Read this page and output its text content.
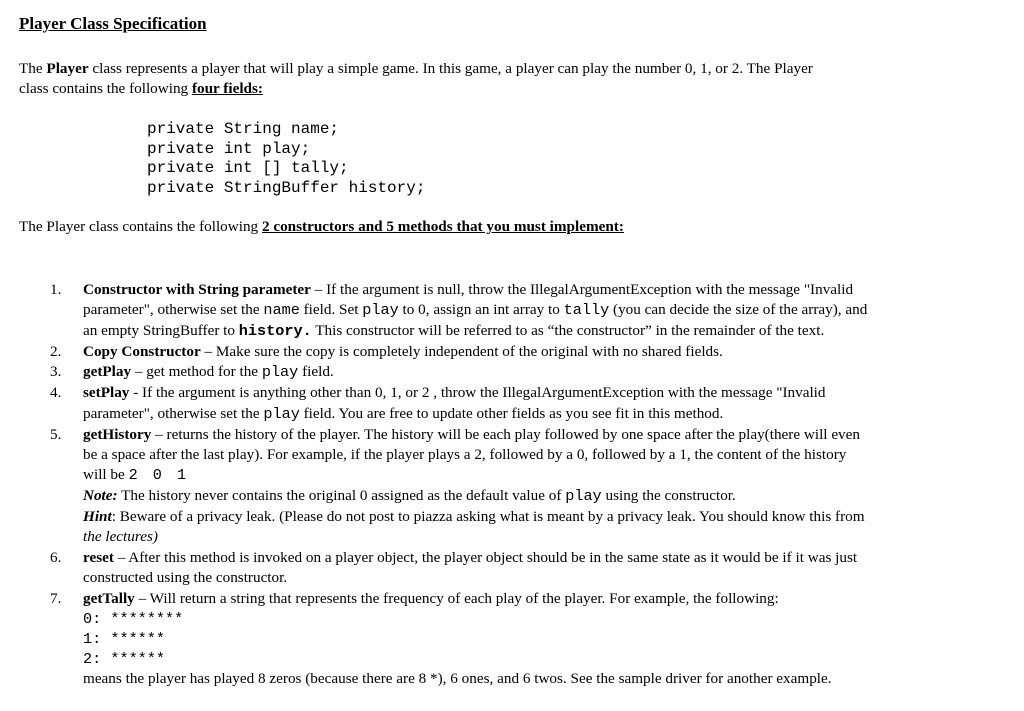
Player Class Specification
The Player class represents a player that will play a simple game. In this game, a player can play the number 0, 1, or 2. The Player
class contains the following four fields:
private String name;
private int play;
private int [] tally;
private StringBuffer history;
The Player class contains the following 2 constructors and 5 methods that you must implement:
1. Constructor with String parameter – If the argument is null, throw the IllegalArgumentException with the message "Invalid
parameter", otherwise set the name field. Set play to 0, assign an int array to tally (you can decide the size of the array), and
an empty StringBuffer to history. This constructor will be referred to as “the constructor” in the remainder of the text.
2. Copy Constructor – Make sure the copy is completely independent of the original with no shared fields.
3. getPlay – get method for the play field.
4. setPlay - If the argument is anything other than 0, 1, or 2 , throw the IllegalArgumentException with the message "Invalid
parameter", otherwise set the play field. You are free to update other fields as you see fit in this method.
5. getHistory – returns the history of the player. The history will be each play followed by one space after the play(there will even
be a space after the last play). For example, if the player plays a 2, followed by a 0, followed by a 1, the content of the history
will be 2 0 1
Note: The history never contains the original 0 assigned as the default value of play using the constructor.
Hint: Beware of a privacy leak. (Please do not post to piazza asking what is meant by a privacy leak. You should know this from
the lectures)
6. reset – After this method is invoked on a player object, the player object should be in the same state as it would be if it was just
constructed using the constructor.
7. getTally – Will return a string that represents the frequency of each play of the player. For example, the following:
0: ********
1: ******
2: ******
means the player has played 8 zeros (because there are 8 *), 6 ones, and 6 twos. See the sample driver for another example.
